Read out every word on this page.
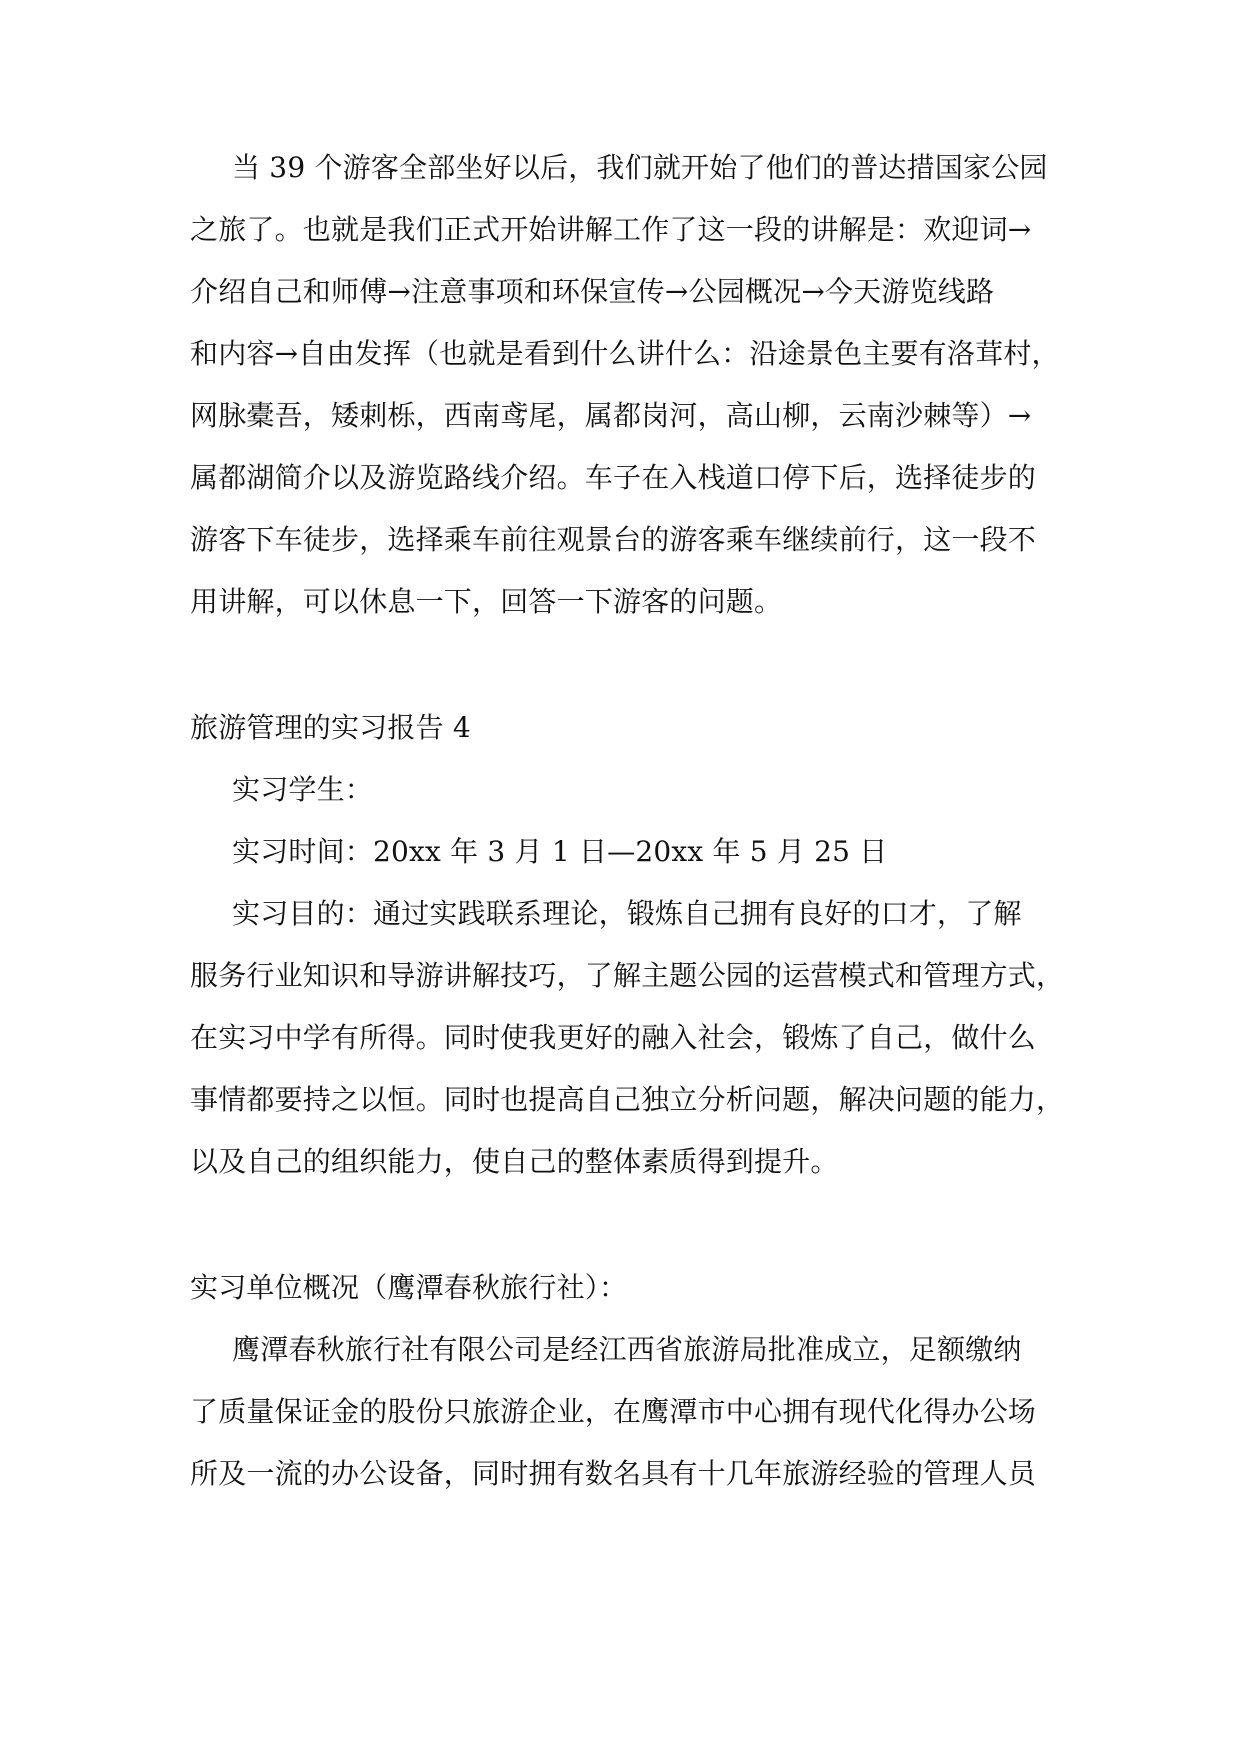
当 39 个游客全部坐好以后，我们就开始了他们的普达措国家公园

之旅了。也就是我们正式开始讲解工作了这一段的讲解是：欢迎词→

介绍自己和师傅→注意事项和环保宣传→公园概况→今天游览线路

和内容→自由发挥（也就是看到什么讲什么：沿途景色主要有洛茸村，

网脉橐吾，矮刺栎，西南鸢尾，属都岗河，高山柳，云南沙棘等）→

属都湖简介以及游览路线介绍。车子在入栈道口停下后，选择徒步的

游客下车徒步，选择乘车前往观景台的游客乘车继续前行，这一段不

用讲解，可以休息一下，回答一下游客的问题。

旅游管理的实习报告 4

实习学生：

实习时间：20xx 年 3 月 1 日—20xx 年 5 月 25 日

实习目的：通过实践联系理论，锻炼自己拥有良好的口才，了解

服务行业知识和导游讲解技巧，了解主题公园的运营模式和管理方式，

在实习中学有所得。同时使我更好的融入社会，锻炼了自己，做什么

事情都要持之以恒。同时也提高自己独立分析问题，解决问题的能力，

以及自己的组织能力，使自己的整体素质得到提升。

实习单位概况（鹰潭春秋旅行社）：

鹰潭春秋旅行社有限公司是经江西省旅游局批准成立，足额缴纳

了质量保证金的股份只旅游企业，在鹰潭市中心拥有现代化得办公场

所及一流的办公设备，同时拥有数名具有十几年旅游经验的管理人员
